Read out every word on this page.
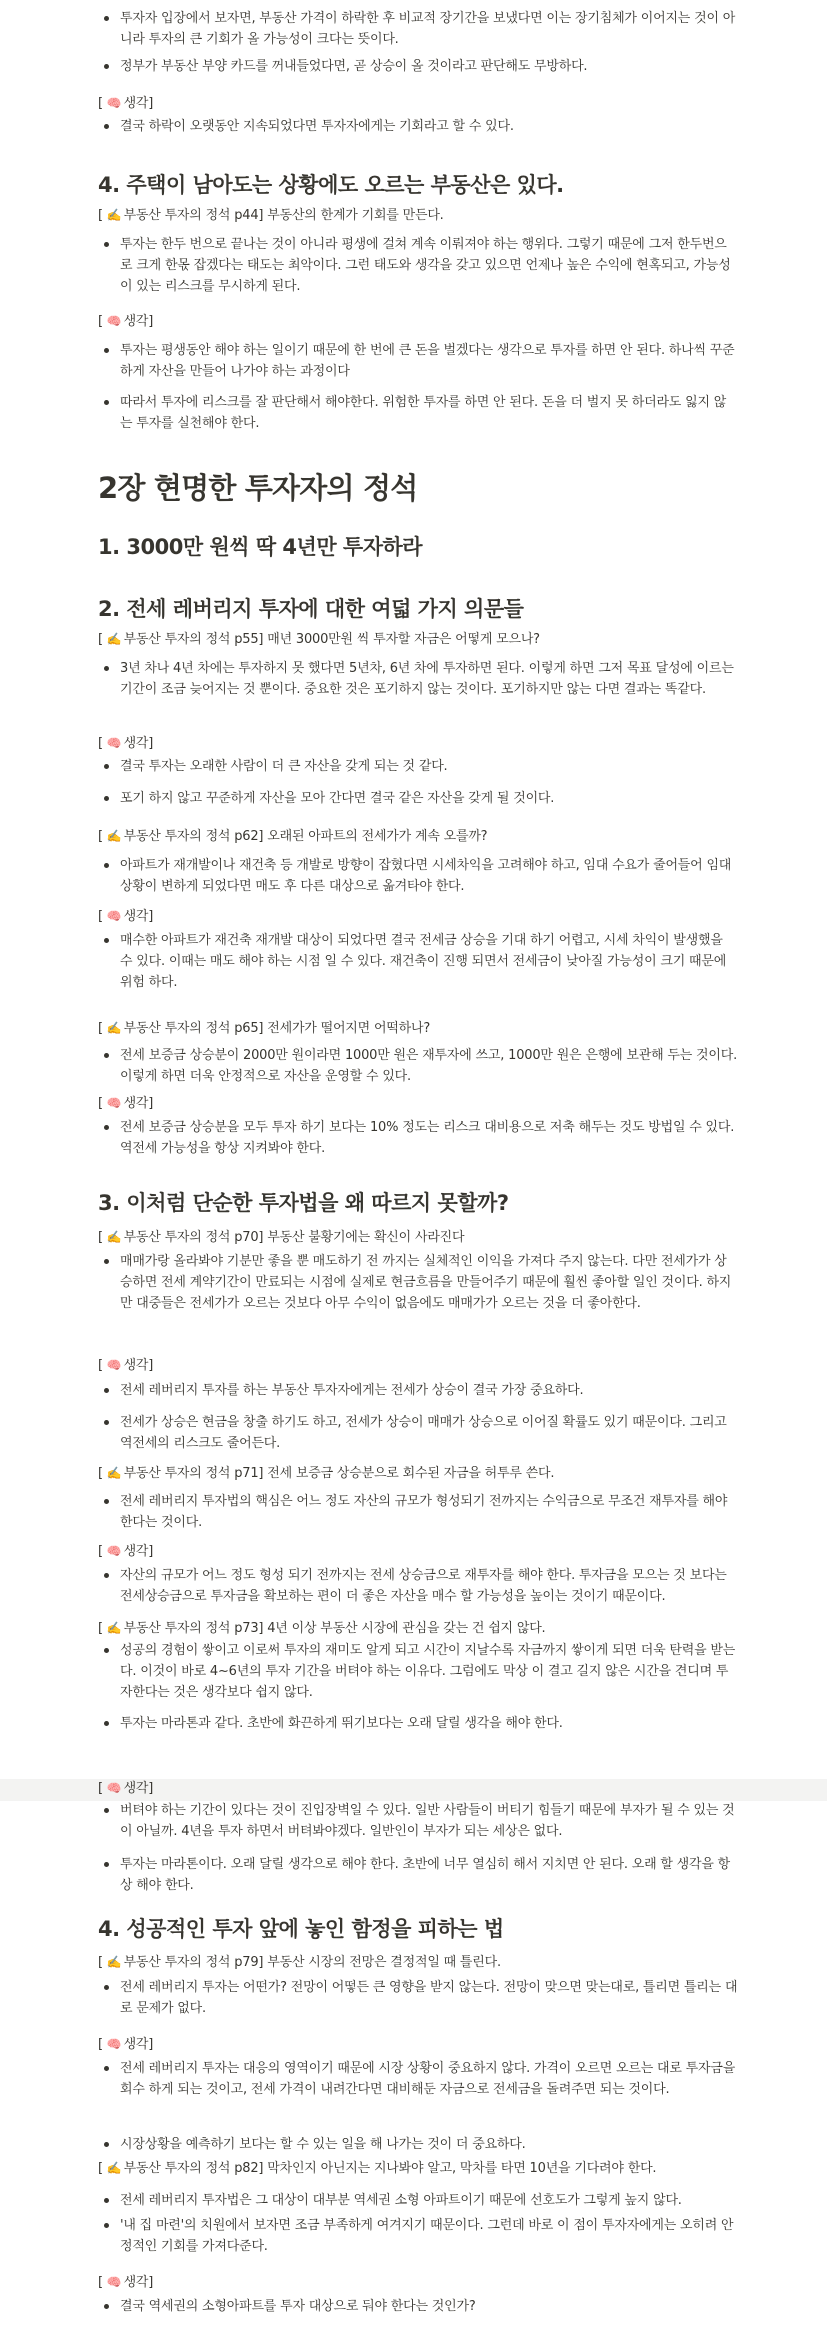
투자자 입장에서 보자면, 부동산 가격이 하락한 후 비교적 장기간을 보냈다면 이는 장기침체가 이어지는 것이 아니라 투자의 큰 기회가 올 가능성이 크다는 뜻이다.
정부가 부동산 부양 카드를 꺼내들었다면, 곧 상승이 올 것이라고 판단해도 무방하다.
[ 🧠 생각]
결국 하락이 오랫동안 지속되었다면 투자자에게는 기회라고 할 수 있다.
4. 주택이 남아도는 상황에도 오르는 부동산은 있다.
[ ✍️ 부동산 투자의 정석 p44] 부동산의 한계가 기회를 만든다.
투자는 한두 번으로 끝나는 것이 아니라 평생에 걸쳐 계속 이뤄져야 하는 행위다. 그렇기 때문에 그저 한두번으로 크게 한몫 잡겠다는 태도는 최악이다. 그런 태도와 생각을 갖고 있으면 언제나 높은 수익에 현혹되고, 가능성이 있는 리스크를 무시하게 된다.
[ 🧠 생각]
투자는 평생동안 해야 하는 일이기 때문에 한 번에 큰 돈을 벌겠다는 생각으로 투자를 하면 안 된다. 하나씩 꾸준하게 자산을 만들어 나가야 하는 과정이다
따라서 투자에 리스크를 잘 판단해서 해야한다. 위험한 투자를 하면 안 된다. 돈을 더 벌지 못 하더라도 잃지 않는 투자를 실천해야 한다.
2장 현명한 투자자의 정석
1. 3000만 원씩 딱 4년만 투자하라
2. 전세 레버리지 투자에 대한 여덟 가지 의문들
[ ✍️ 부동산 투자의 정석 p55] 매년 3000만원 씩 투자할 자금은 어떻게 모으나?
3년 차나 4년 차에는 투자하지 못 했다면 5년차, 6년 차에 투자하면 된다. 이렇게 하면 그저 목표 달성에 이르는 기간이 조금 늦어지는 것 뿐이다. 중요한 것은 포기하지 않는 것이다. 포기하지만 않는 다면 결과는 똑같다.
[ 🧠 생각]
결국 투자는 오래한 사람이 더 큰 자산을 갖게 되는 것 같다.
포기 하지 않고 꾸준하게 자산을 모아 간다면 결국 같은 자산을 갖게 될 것이다.
[ ✍️ 부동산 투자의 정석 p62] 오래된 아파트의 전세가가 계속 오를까?
아파트가 재개발이나 재건축 등 개발로 방향이 잡혔다면 시세차익을 고려해야 하고, 임대 수요가 줄어들어 임대 상황이 변하게 되었다면 매도 후 다른 대상으로 옮겨타야 한다.
[ 🧠 생각]
매수한 아파트가 재건축 재개발 대상이 되었다면 결국 전세금 상승을 기대 하기 어렵고, 시세 차익이 발생했을 수 있다. 이때는 매도 해야 하는 시점 일 수 있다. 재건축이 진행 되면서 전세금이 낮아질 가능성이 크기 때문에 위험 하다.
[ ✍️ 부동산 투자의 정석 p65] 전세가가 떨어지면 어떡하나?
전세 보증금 상승분이 2000만 원이라면 1000만 원은 재투자에 쓰고, 1000만 원은 은행에 보관해 두는 것이다. 이렇게 하면 더욱 안정적으로 자산을 운영할 수 있다.
[ 🧠 생각]
전세 보증금 상승분을 모두 투자 하기 보다는 10% 정도는 리스크 대비용으로 저축 해두는 것도 방법일 수 있다. 역전세 가능성을 항상 지켜봐야 한다.
3. 이처럼 단순한 투자법을 왜 따르지 못할까?
[ ✍️ 부동산 투자의 정석 p70] 부동산 불황기에는 확신이 사라진다
매매가랑 올라봐야 기분만 좋을 뿐 매도하기 전 까지는 실체적인 이익을 가져다 주지 않는다. 다만 전세가가 상승하면 전세 계약기간이 만료되는 시점에 실제로 현금흐름을 만들어주기 때문에 훨씬 좋아할 일인 것이다. 하지만 대중들은 전세가가 오르는 것보다 아무 수익이 없음에도 매매가가 오르는 것을 더 좋아한다.
[ 🧠 생각]
전세 레버리지 투자를 하는 부동산 투자자에게는 전세가 상승이 결국 가장 중요하다.
전세가 상승은 현금을 창출 하기도 하고, 전세가 상승이 매매가 상승으로 이어질 확률도 있기 때문이다. 그리고 역전세의 리스크도 줄어든다.
[ ✍️ 부동산 투자의 정석 p71] 전세 보증금 상승분으로 회수된 자금을 허투루 쓴다.
전세 레버리지 투자법의 핵심은 어느 정도 자산의 규모가 형성되기 전까지는 수익금으로 무조건 재투자를 해야 한다는 것이다.
[ 🧠 생각]
자산의 규모가 어느 정도 형성 되기 전까지는 전세 상승금으로 재투자를 해야 한다. 투자금을 모으는 것 보다는 전세상승금으로 투자금을 확보하는 편이 더 좋은 자산을 매수 할 가능성을 높이는 것이기 때문이다.
[ ✍️ 부동산 투자의 정석 p73] 4년 이상 부동산 시장에 관심을 갖는 건 쉽지 않다.
성공의 경험이 쌓이고 이로써 투자의 재미도 알게 되고 시간이 지날수록 자금까지 쌓이게 되면 더욱 탄력을 받는다. 이것이 바로 4~6년의 투자 기간을 버텨야 하는 이유다. 그럼에도 막상 이 결고 길지 않은 시간을 견디며 투자한다는 것은 생각보다 쉽지 않다.
투자는 마라톤과 같다. 초반에 화끈하게 뛰기보다는 오래 달릴 생각을 해야 한다.
[ 🧠 생각]
버텨야 하는 기간이 있다는 것이 진입장벽일 수 있다. 일반 사람들이 버티기 힘들기 때문에 부자가 될 수 있는 것이 아닐까. 4년을 투자 하면서 버텨봐야겠다. 일반인이 부자가 되는 세상은 없다.
투자는 마라톤이다. 오래 달릴 생각으로 해야 한다. 초반에 너무 열심히 해서 지치면 안 된다. 오래 할 생각을 항상 해야 한다.
4. 성공적인 투자 앞에 놓인 함정을 피하는 법
[ ✍️ 부동산 투자의 정석 p79] 부동산 시장의 전망은 결정적일 때 틀린다.
전세 레버리지 투자는 어떤가? 전망이 어떻든 큰 영향을 받지 않는다. 전망이 맞으면 맞는대로, 틀리면 틀리는 대로 문제가 없다.
[ 🧠 생각]
전세 레버리지 투자는 대응의 영역이기 때문에 시장 상황이 중요하지 않다. 가격이 오르면 오르는 대로 투자금을 회수 하게 되는 것이고, 전세 가격이 내려간다면 대비해둔 자금으로 전세금을 돌려주면 되는 것이다.
시장상황을 예측하기 보다는 할 수 있는 일을 해 나가는 것이 더 중요하다.
[ ✍️ 부동산 투자의 정석 p82] 막차인지 아닌지는 지나봐야 알고, 막차를 타면 10년을 기다려야 한다.
전세 레버리지 투자법은 그 대상이 대부분 역세권 소형 아파트이기 때문에 선호도가 그렇게 높지 않다.
'내 집 마련'의 치원에서 보자면 조금 부족하게 여겨지기 때문이다. 그런데 바로 이 점이 투자자에게는 오히려 안정적인 기회를 가져다준다.
[ 🧠 생각]
결국 역세권의 소형아파트를 투자 대상으로 둬야 한다는 것인가?
